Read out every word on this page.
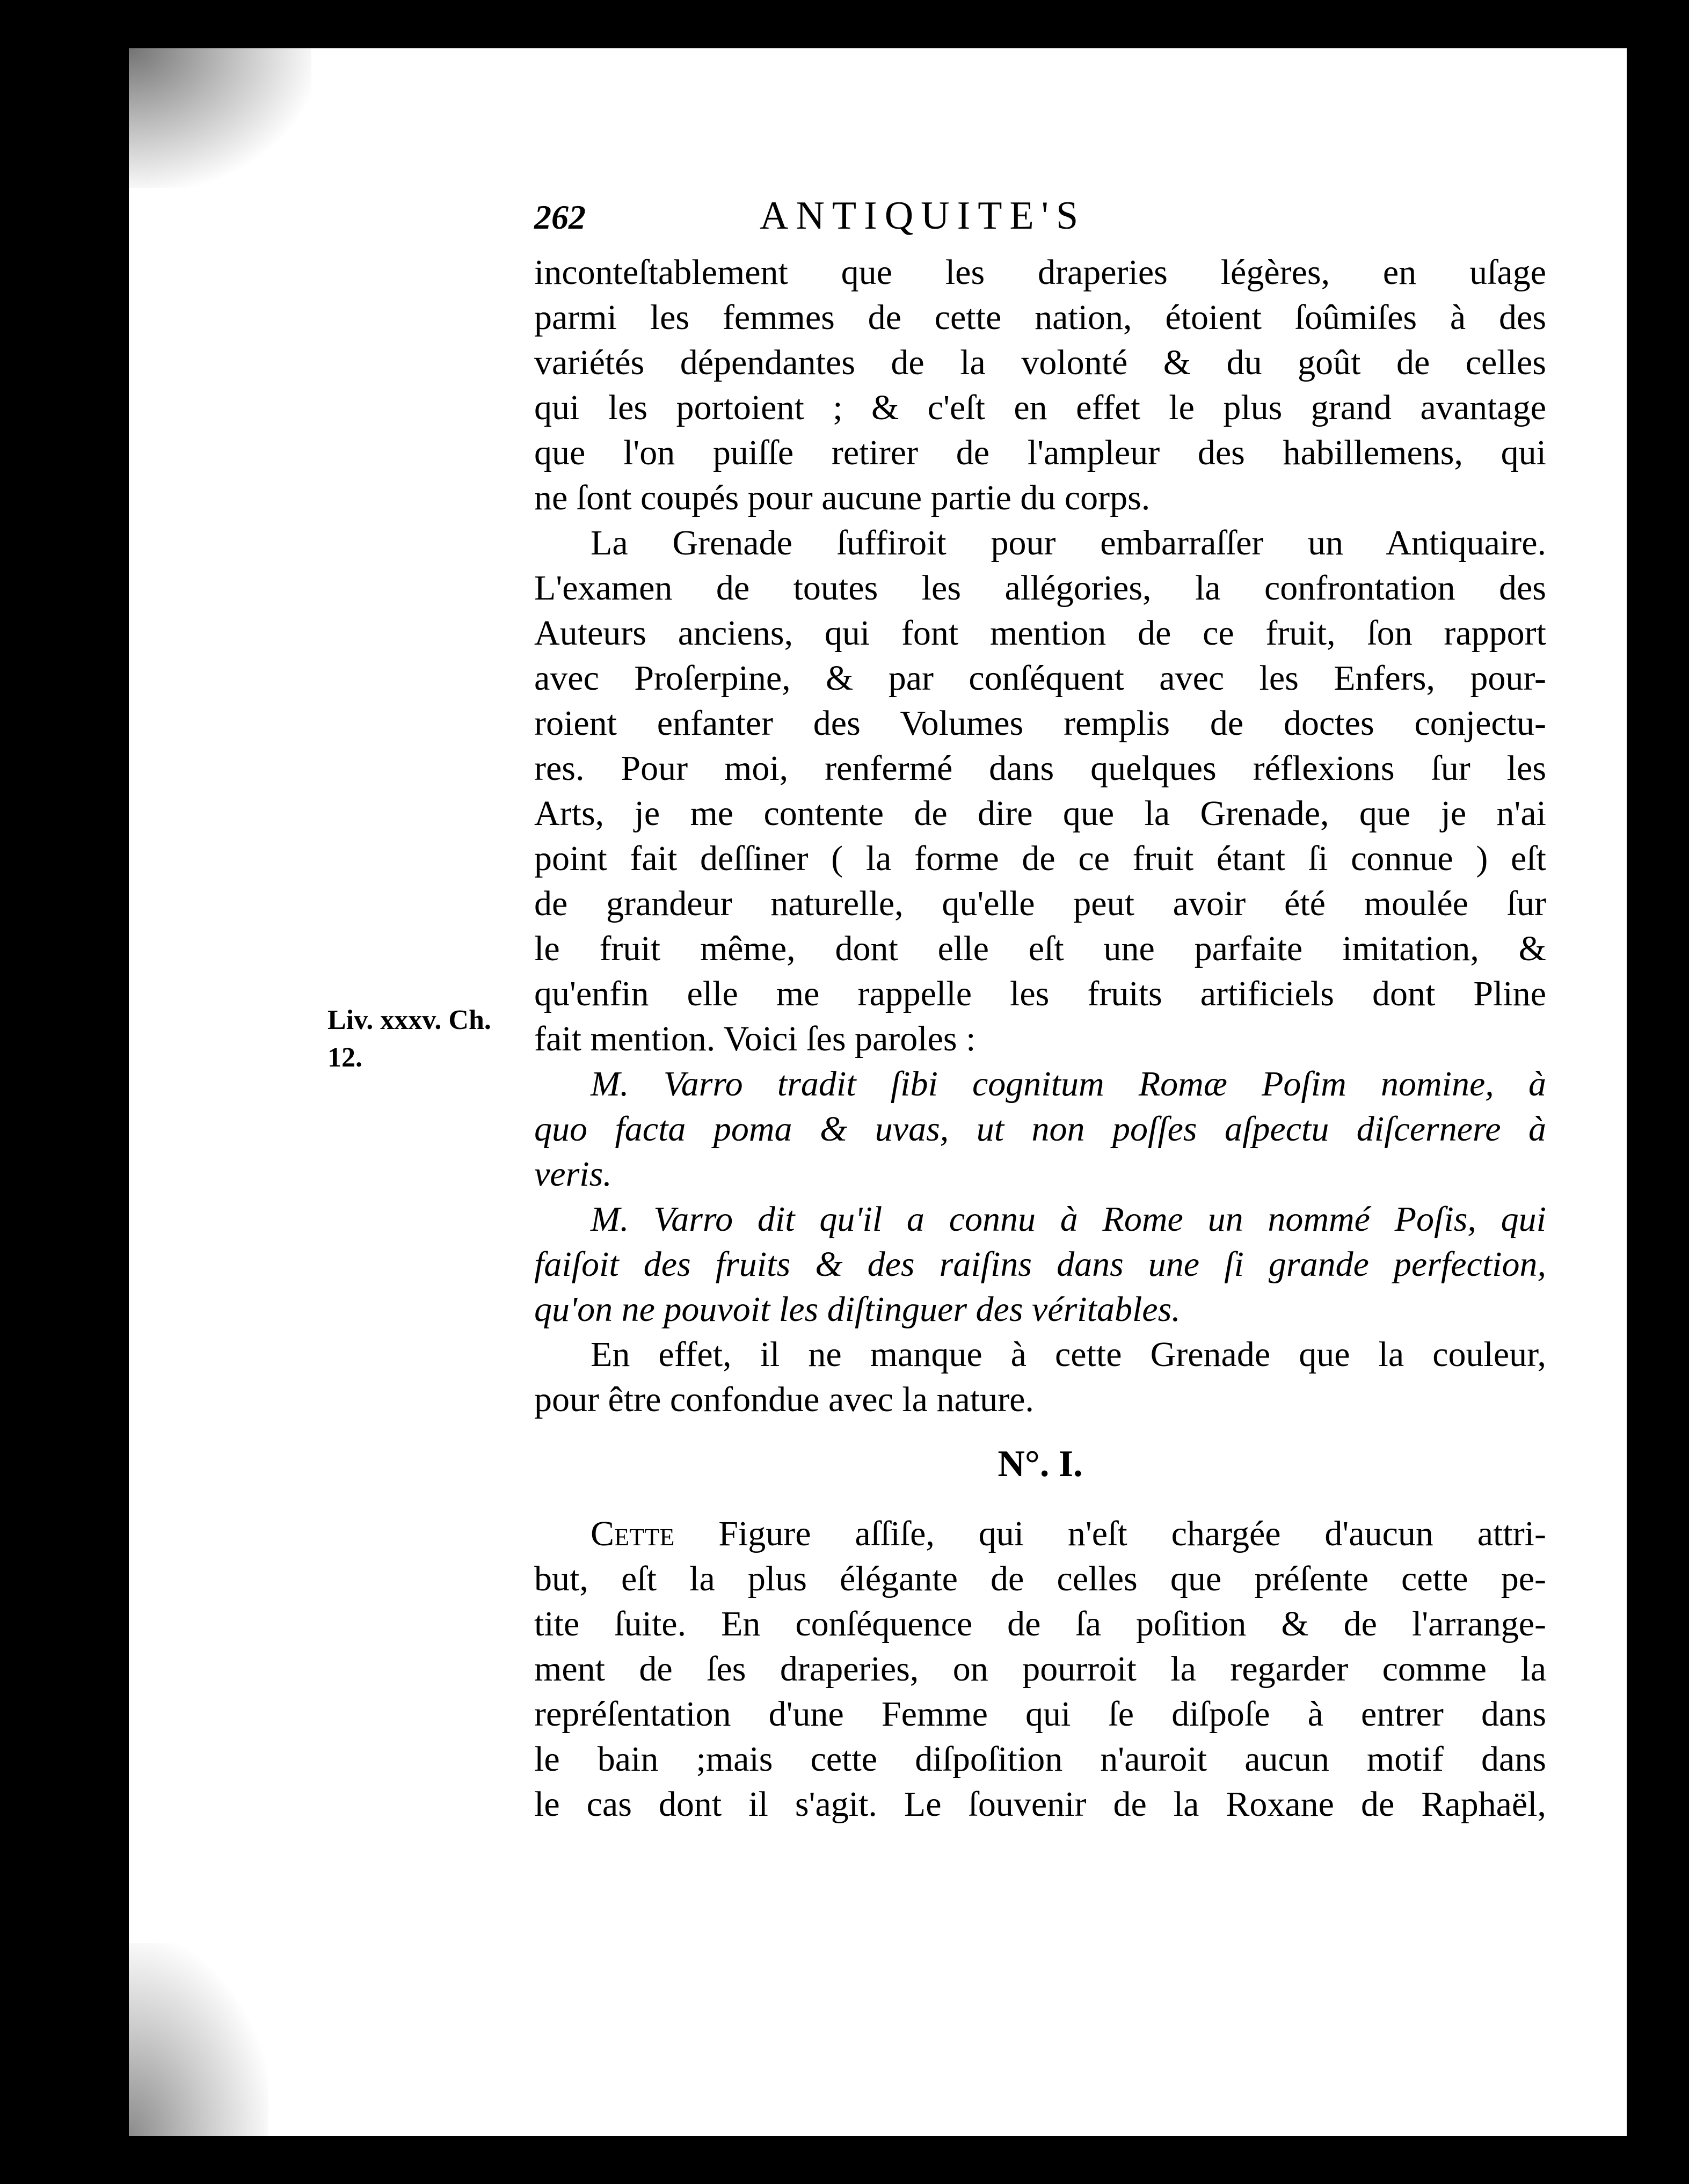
Liv. xxxv. Ch.
12.
262	ANTIQUITE'S
inconteſtablement que les draperies légères, en uſage
parmi les femmes de cette nation, étoient ſoûmiſes à des
variétés dépendantes de la volonté & du goût de celles
qui les portoient ; & c'eſt en effet le plus grand avantage
que l'on puiſſe retirer de l'ampleur des habillemens, qui
ne ſont coupés pour aucune partie du corps.
La Grenade ſuffiroit pour embarraſſer un Antiquaire.
L'examen de toutes les allégories, la confrontation des
Auteurs anciens, qui font mention de ce fruit, ſon rapport
avec Proſerpine, & par conſéquent avec les Enfers, pour-
roient enfanter des Volumes remplis de doctes conjectu-
res. Pour moi, renfermé dans quelques réflexions ſur les
Arts, je me contente de dire que la Grenade, que je n'ai
point fait deſſiner ( la forme de ce fruit étant ſi connue ) eſt
de grandeur naturelle, qu'elle peut avoir été moulée ſur
le fruit même, dont elle eſt une parfaite imitation, &
qu'enfin elle me rappelle les fruits artificiels dont Pline
fait mention. Voici ſes paroles :
M. Varro tradit ſibi cognitum Romæ Poſim nomine, à
quo facta poma & uvas, ut non poſſes aſpectu diſcernere à
veris.
M. Varro dit qu'il a connu à Rome un nommé Poſis, qui
faiſoit des fruits & des raiſins dans une ſi grande perfection,
qu'on ne pouvoit les diſtinguer des véritables.
En effet, il ne manque à cette Grenade que la couleur,
pour être confondue avec la nature.
N°. I.
Cette Figure aſſiſe, qui n'eſt chargée d'aucun attri-
but, eſt la plus élégante de celles que préſente cette pe-
tite ſuite. En conſéquence de ſa poſition & de l'arrange-
ment de ſes draperies, on pourroit la regarder comme la
repréſentation d'une Femme qui ſe diſpoſe à entrer dans
le bain ;mais cette diſpoſition n'auroit aucun motif dans
le cas dont il s'agit. Le ſouvenir de la Roxane de Raphaël,
